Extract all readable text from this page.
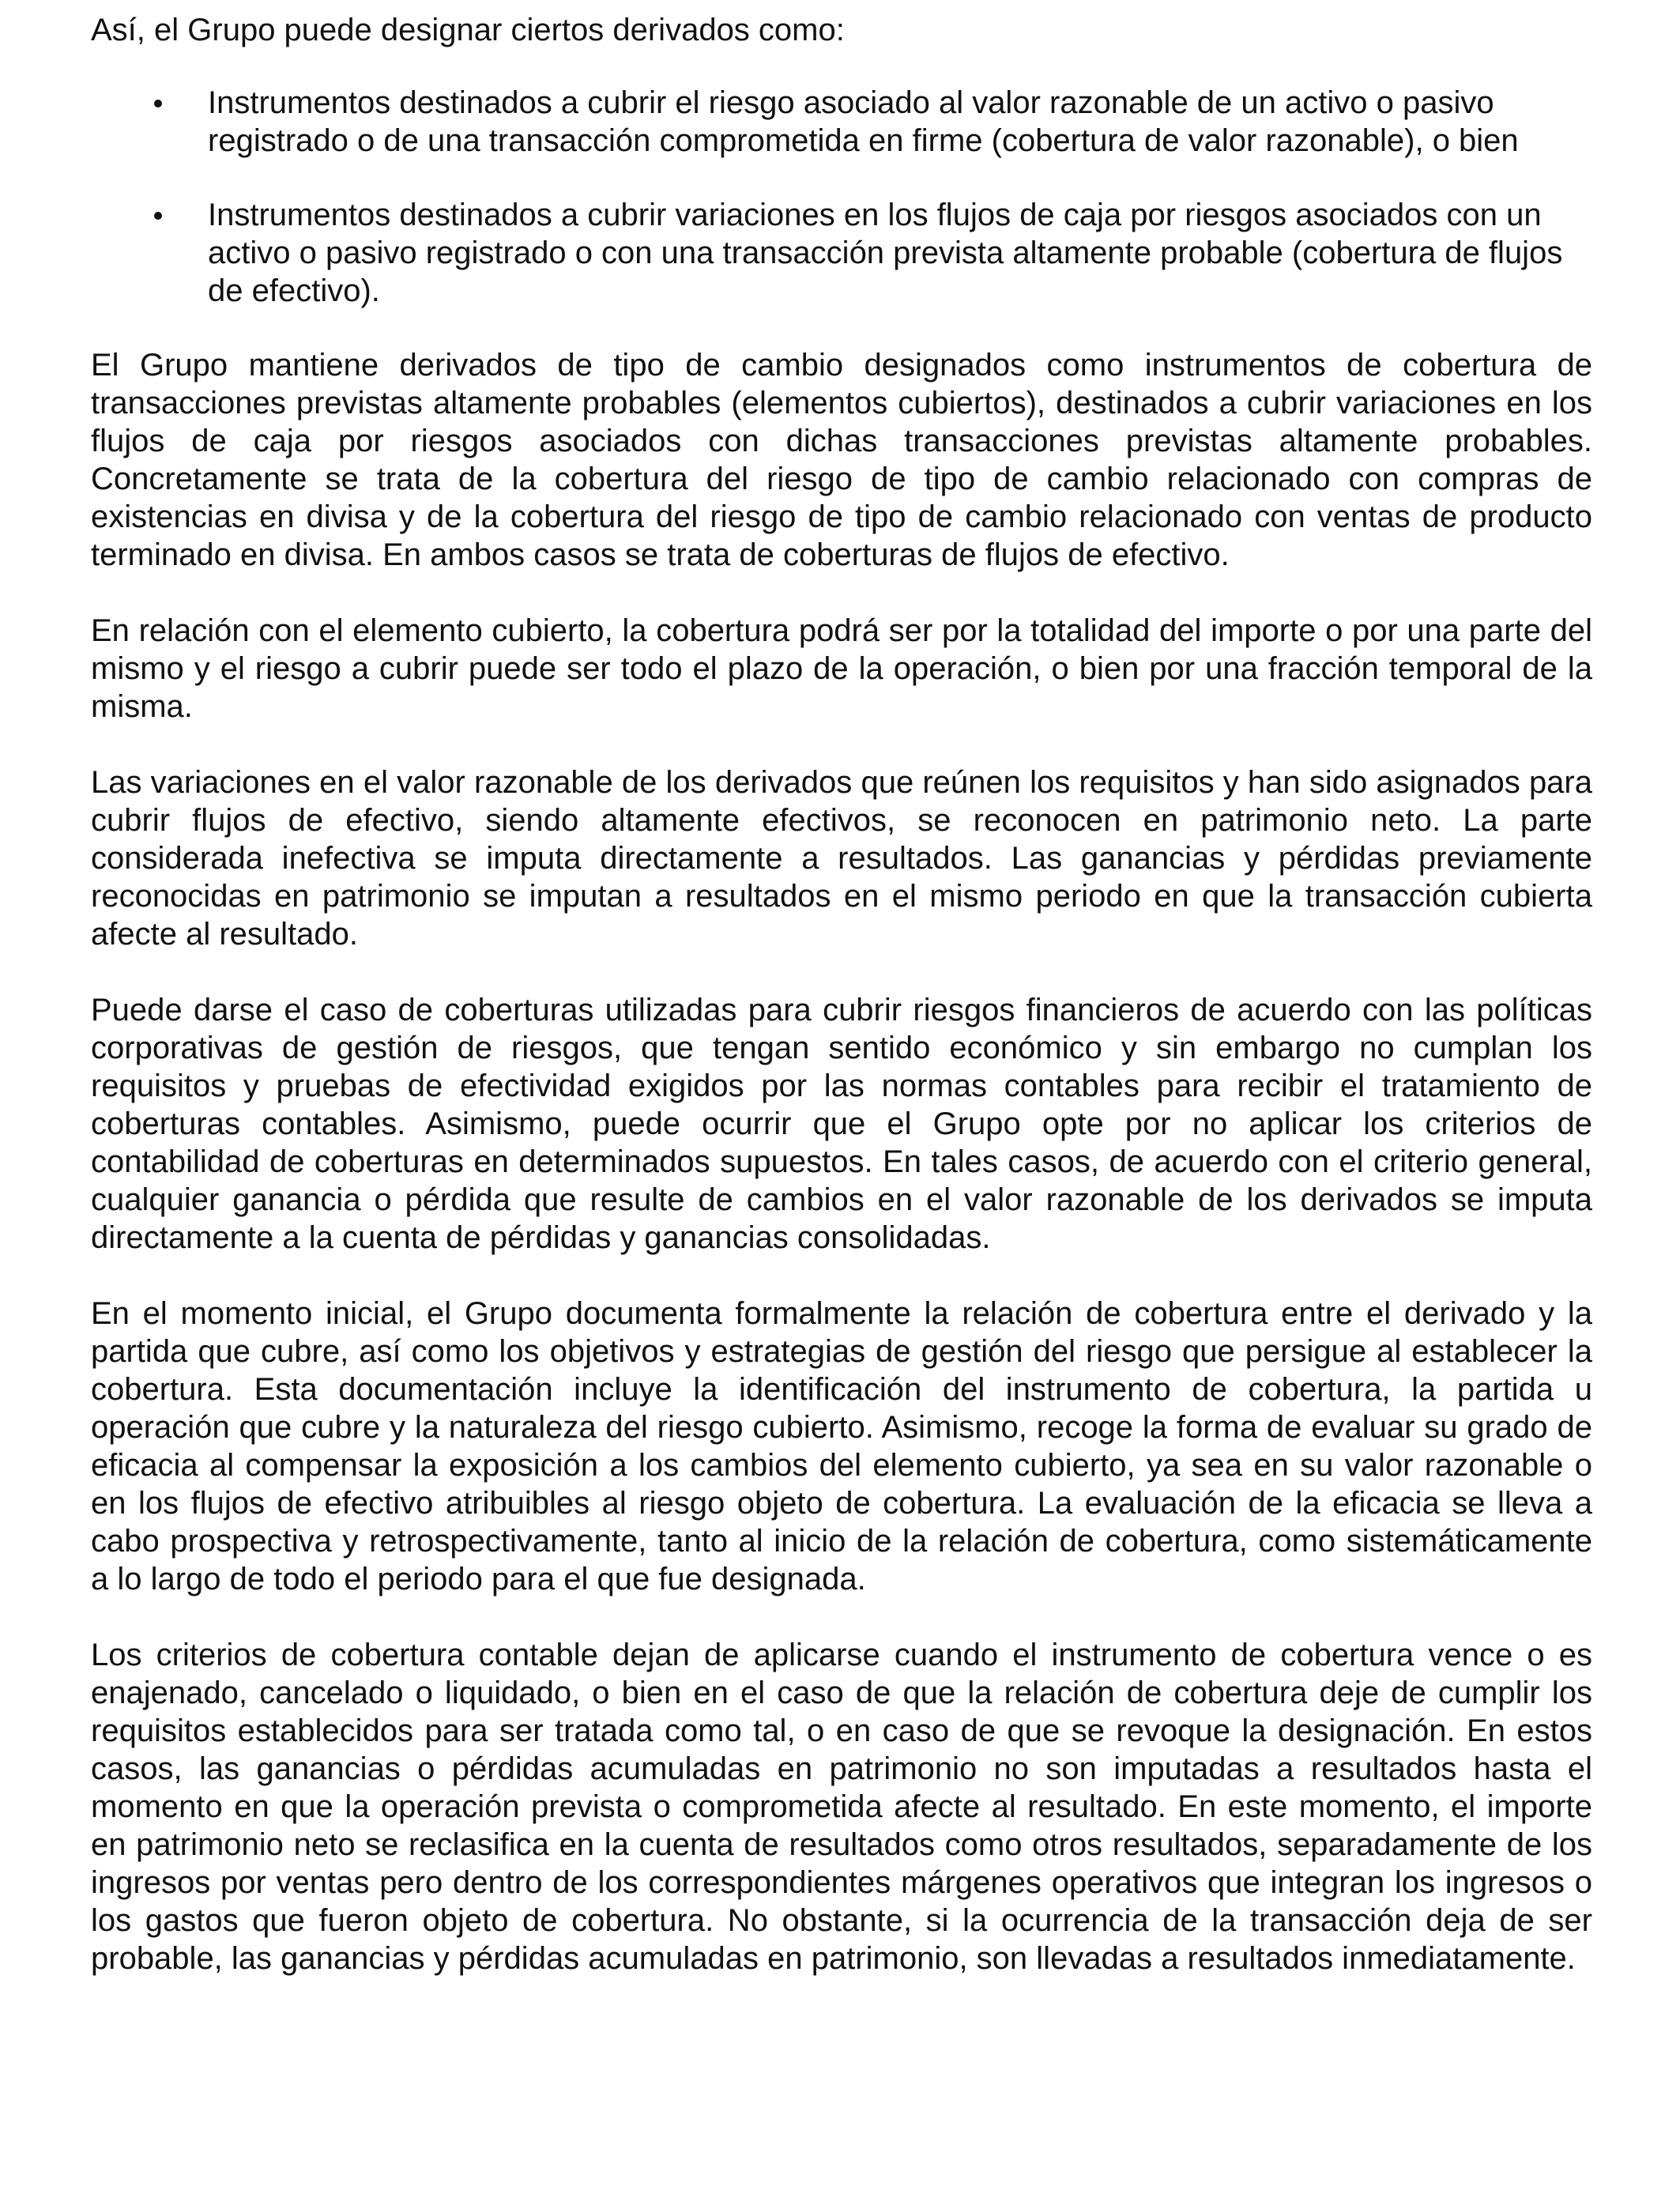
Así, el Grupo puede designar ciertos derivados como:

Instrumentos destinados a cubrir el riesgo asociado al valor razonable de un activo o pasivo registrado o de una transacción comprometida en firme (cobertura de valor razonable), o bien
Instrumentos destinados a cubrir variaciones en los flujos de caja por riesgos asociados con un activo o pasivo registrado o con una transacción prevista altamente probable (cobertura de flujos de efectivo).

El Grupo mantiene derivados de tipo de cambio designados como instrumentos de cobertura de transacciones previstas altamente probables (elementos cubiertos), destinados a cubrir variaciones en los flujos de caja por riesgos asociados con dichas transacciones previstas altamente probables. Concretamente se trata de la cobertura del riesgo de tipo de cambio relacionado con compras de existencias en divisa y de la cobertura del riesgo de tipo de cambio relacionado con ventas de producto terminado en divisa. En ambos casos se trata de coberturas de flujos de efectivo.

En relación con el elemento cubierto, la cobertura podrá ser por la totalidad del importe o por una parte del mismo y el riesgo a cubrir puede ser todo el plazo de la operación, o bien por una fracción temporal de la misma.

Las variaciones en el valor razonable de los derivados que reúnen los requisitos y han sido asignados para cubrir flujos de efectivo, siendo altamente efectivos, se reconocen en patrimonio neto. La parte considerada inefectiva se imputa directamente a resultados. Las ganancias y pérdidas previamente reconocidas en patrimonio se imputan a resultados en el mismo periodo en que la transacción cubierta afecte al resultado.

Puede darse el caso de coberturas utilizadas para cubrir riesgos financieros de acuerdo con las políticas corporativas de gestión de riesgos, que tengan sentido económico y sin embargo no cumplan los requisitos y pruebas de efectividad exigidos por las normas contables para recibir el tratamiento de coberturas contables. Asimismo, puede ocurrir que el Grupo opte por no aplicar los criterios de contabilidad de coberturas en determinados supuestos. En tales casos, de acuerdo con el criterio general, cualquier ganancia o pérdida que resulte de cambios en el valor razonable de los derivados se imputa directamente a la cuenta de pérdidas y ganancias consolidadas.

En el momento inicial, el Grupo documenta formalmente la relación de cobertura entre el derivado y la partida que cubre, así como los objetivos y estrategias de gestión del riesgo que persigue al establecer la cobertura. Esta documentación incluye la identificación del instrumento de cobertura, la partida u operación que cubre y la naturaleza del riesgo cubierto. Asimismo, recoge la forma de evaluar su grado de eficacia al compensar la exposición a los cambios del elemento cubierto, ya sea en su valor razonable o en los flujos de efectivo atribuibles al riesgo objeto de cobertura. La evaluación de la eficacia se lleva a cabo prospectiva y retrospectivamente, tanto al inicio de la relación de cobertura, como sistemáticamente a lo largo de todo el periodo para el que fue designada.

Los criterios de cobertura contable dejan de aplicarse cuando el instrumento de cobertura vence o es enajenado, cancelado o liquidado, o bien en el caso de que la relación de cobertura deje de cumplir los requisitos establecidos para ser tratada como tal, o en caso de que se revoque la designación. En estos casos, las ganancias o pérdidas acumuladas en patrimonio no son imputadas a resultados hasta el momento en que la operación prevista o comprometida afecte al resultado. En este momento, el importe en patrimonio neto se reclasifica en la cuenta de resultados como otros resultados, separadamente de los ingresos por ventas pero dentro de los correspondientes márgenes operativos que integran los ingresos o los gastos que fueron objeto de cobertura. No obstante, si la ocurrencia de la transacción deja de ser probable, las ganancias y pérdidas acumuladas en patrimonio, son llevadas a resultados inmediatamente.
